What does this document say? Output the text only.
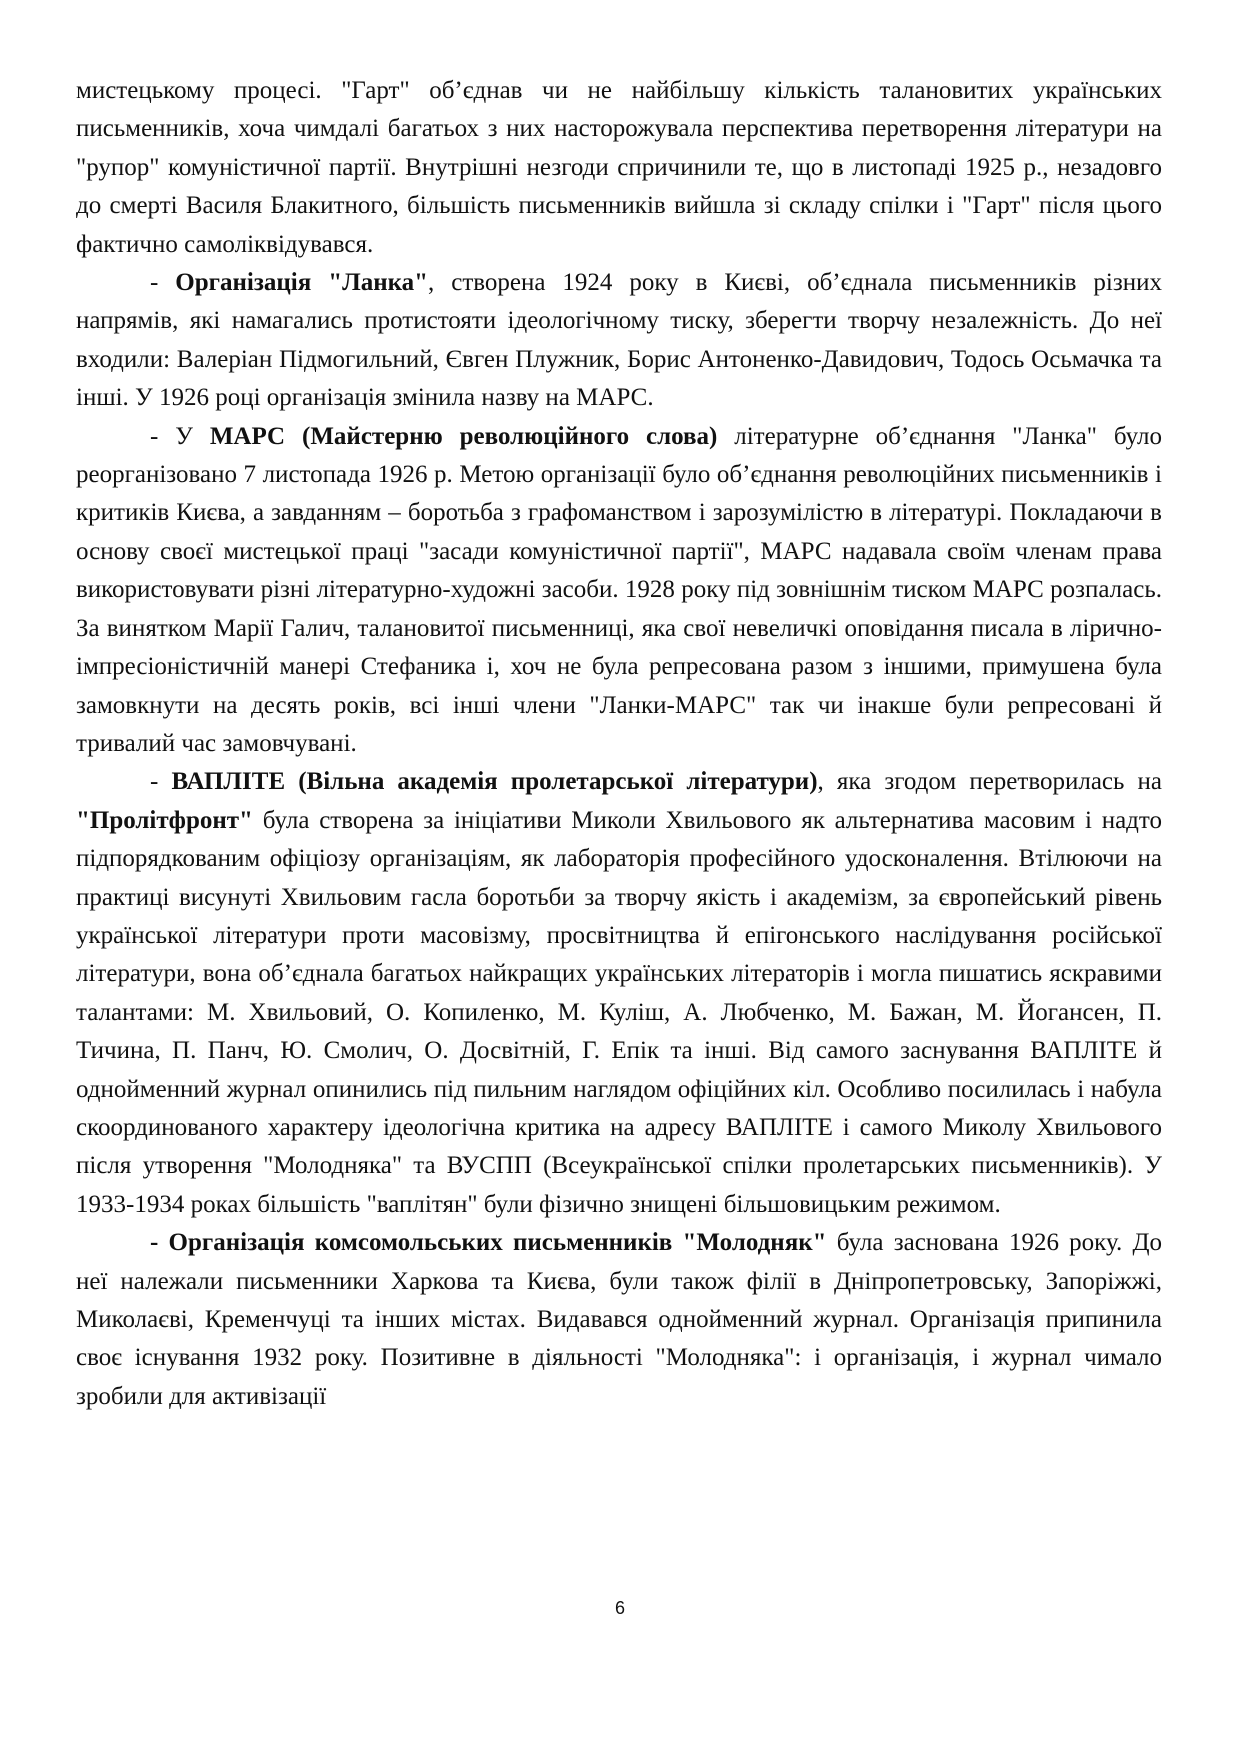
мистецькому процесі. "Гарт" об’єднав чи не найбільшу кількість талановитих українських письменників, хоча чимдалі багатьох з них насторожувала перспектива перетворення літератури на "рупор" комуністичної партії. Внутрішні незгоди спричинили те, що в листопаді 1925 р., незадовго до смерті Василя Блакитного, більшість письменників вийшла зі складу спілки і "Гарт" після цього фактично самоліквідувався.

- Організація "Ланка", створена 1924 року в Києві, об’єднала письменників різних напрямів, які намагались протистояти ідеологічному тиску, зберегти творчу незалежність. До неї входили: Валеріан Підмогильний, Євген Плужник, Борис Антоненко-Давидович, Тодось Осьмачка та інші. У 1926 році організація змінила назву на МАРС.

- У МАРС (Майстерню революційного слова) літературне об’єднання "Ланка" було реорганізовано 7 листопада 1926 р. Метою організації було об’єднання революційних письменників і критиків Києва, а завданням – боротьба з графоманством і зарозумілістю в літературі. Покладаючи в основу своєї мистецької праці "засади комуністичної партії", МАРС надавала своїм членам права використовувати різні літературно-художні засоби. 1928 року під зовнішнім тиском МАРС розпалась. За винятком Марії Галич, талановитої письменниці, яка свої невеличкі оповідання писала в лірично-імпресіоністичній манері Стефаника і, хоч не була репресована разом з іншими, примушена була замовкнути на десять років, всі інші члени "Ланки-МАРС" так чи інакше були репресовані й тривалий час замовчувані.

- ВАПЛІТЕ (Вільна академія пролетарської літератури), яка згодом перетворилась на "Пролітфронт" була створена за ініціативи Миколи Хвильового як альтернатива масовим і надто підпорядкованим офіціозу організаціям, як лабораторія професійного удосконалення. Втілюючи на практиці висунуті Хвильовим гасла боротьби за творчу якість і академізм, за європейський рівень української літератури проти масовізму, просвітництва й епігонського наслідування російської літератури, вона об’єднала багатьох найкращих українських літераторів і могла пишатись яскравими талантами: М. Хвильовий, О. Копиленко, М. Куліш, А. Любченко, М. Бажан, М. Йогансен, П. Тичина, П. Панч, Ю. Смолич, О. Досвітній, Г. Епік та інші. Від самого заснування ВАПЛІТЕ й однойменний журнал опинились під пильним наглядом офіційних кіл. Особливо посилилась і набула скоординованого характеру ідеологічна критика на адресу ВАПЛІТЕ і самого Миколу Хвильового після утворення "Молодняка" та ВУСПП (Всеукраїнської спілки пролетарських письменників). У 1933-1934 роках більшість "ваплітян" були фізично знищені більшовицьким режимом.

- Організація комсомольських письменників "Молодняк" була заснована 1926 року. До неї належали письменники Харкова та Києва, були також філії в Дніпропетровську, Запоріжжі, Миколаєві, Кременчуці та інших містах. Видавався однойменний журнал. Організація припинила своє існування 1932 року. Позитивне в діяльності "Молодняка": і організація, і журнал чимало зробили для активізації

6
